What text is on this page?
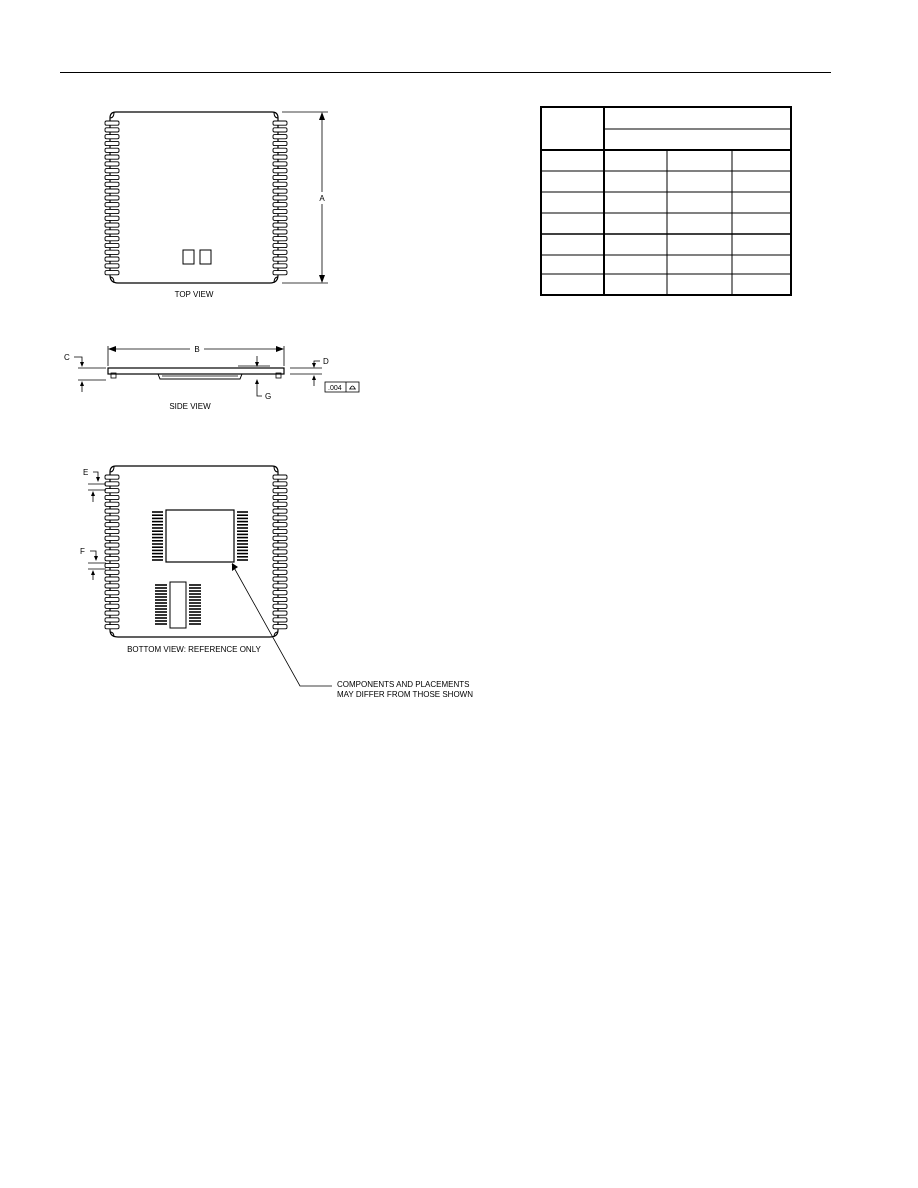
A
TOP VIEW
B
C	D
G
.004
SIDE VIEW
E
F
BOTTOM VIEW: REFERENCE ONLY
COMPONENTS AND PLACEMENTS
MAY DIFFER FROM THOSE SHOWN
